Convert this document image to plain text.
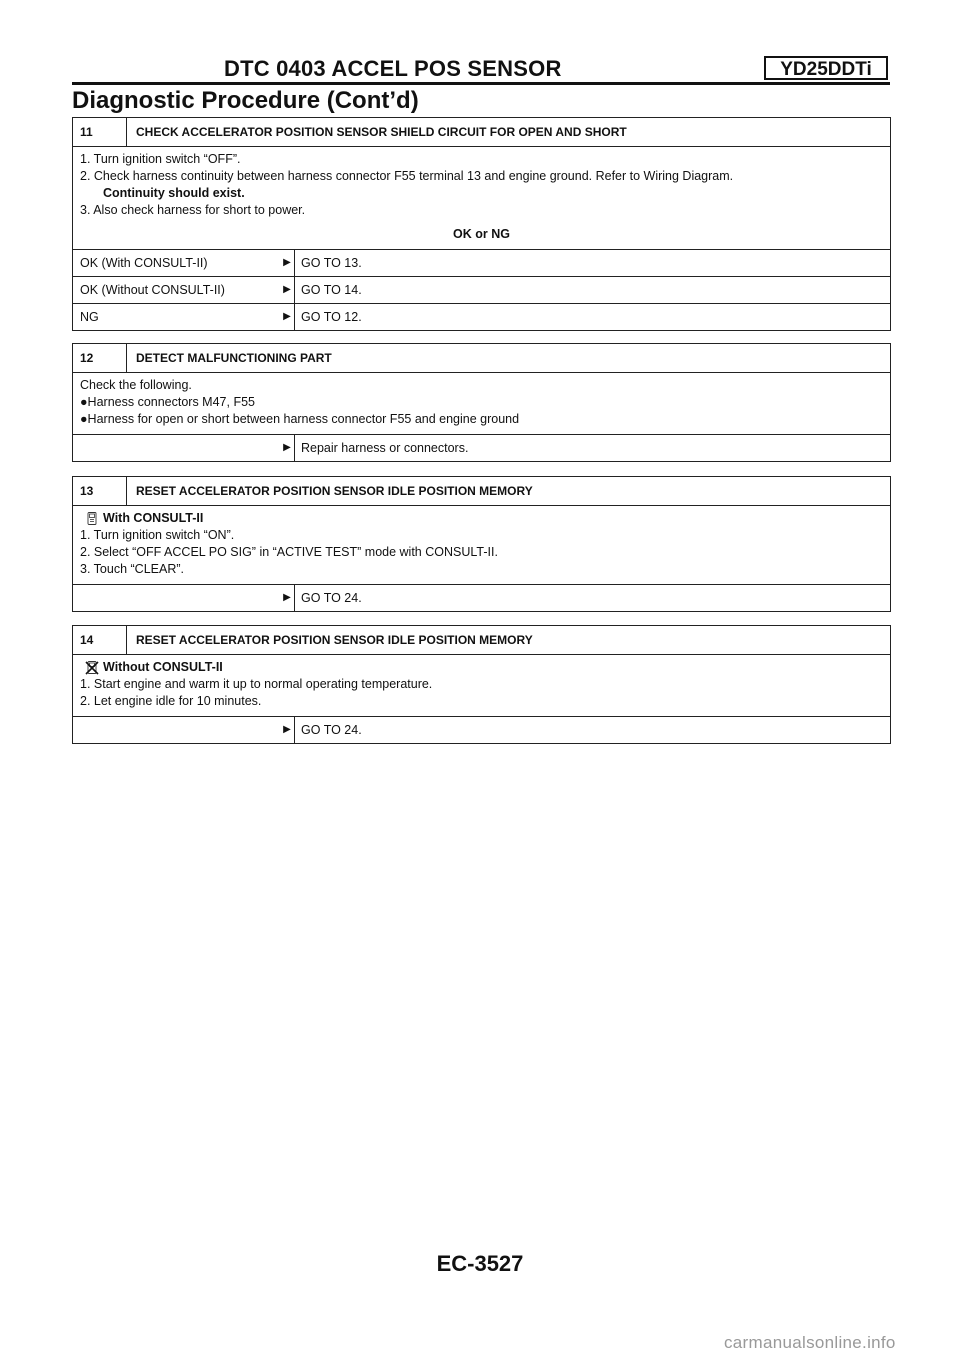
DTC 0403 ACCEL POS SENSOR	YD25DDTi
Diagnostic Procedure (Cont’d)
11	CHECK ACCELERATOR POSITION SENSOR SHIELD CIRCUIT FOR OPEN AND SHORT
1. Turn ignition switch “OFF”.
2. Check harness continuity between harness connector F55 terminal 13 and engine ground. Refer to Wiring Diagram.
Continuity should exist.
3. Also check harness for short to power.
OK or NG
OK (With CONSULT-II)	▶ GO TO 13.
OK (Without CONSULT-II)	▶ GO TO 14.
NG	▶ GO TO 12.
12	DETECT MALFUNCTIONING PART
Check the following.
●Harness connectors M47, F55
●Harness for open or short between harness connector F55 and engine ground
▶ Repair harness or connectors.
13	RESET ACCELERATOR POSITION SENSOR IDLE POSITION MEMORY
With CONSULT-II
1. Turn ignition switch “ON”.
2. Select “OFF ACCEL PO SIG” in “ACTIVE TEST” mode with CONSULT-II.
3. Touch “CLEAR”.
▶ GO TO 24.
14	RESET ACCELERATOR POSITION SENSOR IDLE POSITION MEMORY
Without CONSULT-II
1. Start engine and warm it up to normal operating temperature.
2. Let engine idle for 10 minutes.
▶ GO TO 24.
EC-3527
carmanualsonline.info
